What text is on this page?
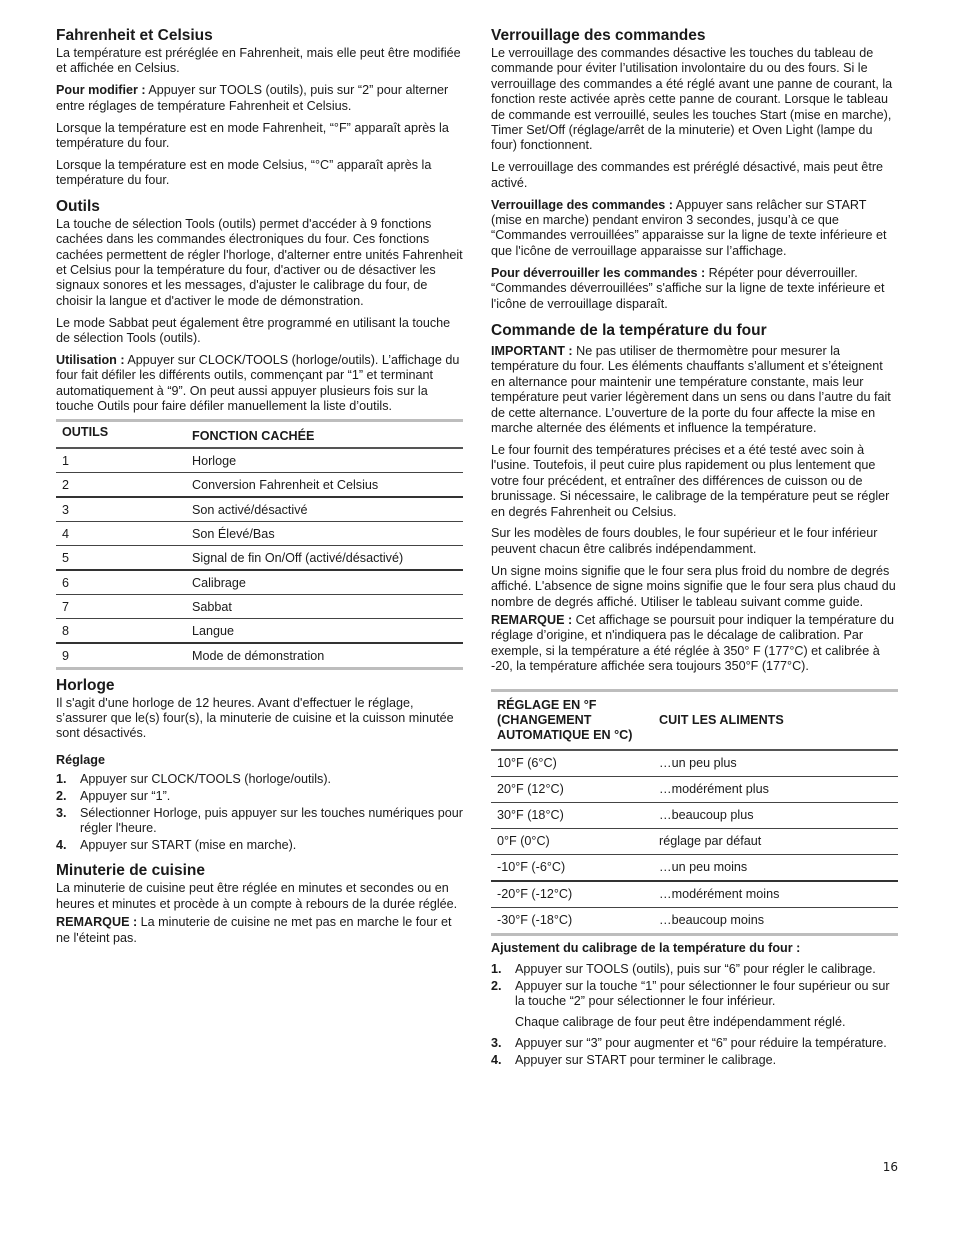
Fahrenheit et Celsius

La température est préréglée en Fahrenheit, mais elle peut être modifiée et affichée en Celsius.

Pour modifier : Appuyer sur TOOLS (outils), puis sur “2” pour alterner entre réglages de température Fahrenheit et Celsius.

Lorsque la température est en mode Fahrenheit, “°F” apparaît après la température du four.

Lorsque la température est en mode Celsius, “°C” apparaît après la température du four.

Outils

La touche de sélection Tools (outils) permet d'accéder à 9 fonctions cachées dans les commandes électroniques du four. Ces fonctions cachées permettent de régler l'horloge, d'alterner entre unités Fahrenheit et Celsius pour la température du four, d'activer ou de désactiver les signaux sonores et les messages, d'ajuster le calibrage du four, de choisir la langue et d'activer le mode de démonstration.

Le mode Sabbat peut également être programmé en utilisant la touche de sélection Tools (outils).

Utilisation : Appuyer sur CLOCK/TOOLS (horloge/outils). L’affichage du four fait défiler les différents outils, commençant par “1” et terminant automatiquement à “9”. On peut aussi appuyer plusieurs fois sur la touche Outils pour faire défiler manuellement la liste d’outils.

OUTILS	FONCTION CACHÉE
1	Horloge
2	Conversion Fahrenheit et Celsius
3	Son activé/désactivé
4	Son Élevé/Bas
5	Signal de fin On/Off (activé/désactivé)
6	Calibrage
7	Sabbat
8	Langue
9	Mode de démonstration
Horloge

Il s'agit d'une horloge de 12 heures. Avant d'effectuer le réglage, s’assurer que le(s) four(s), la minuterie de cuisine et la cuisson minutée sont désactivés.

Réglage
1. Appuyer sur CLOCK/TOOLS (horloge/outils).
2. Appuyer sur “1”.
3. Sélectionner Horloge, puis appuyer sur les touches numériques pour régler l'heure.
4. Appuyer sur START (mise en marche).
Minuterie de cuisine

La minuterie de cuisine peut être réglée en minutes et secondes ou en heures et minutes et procède à un compte à rebours de la durée réglée.

REMARQUE : La minuterie de cuisine ne met pas en marche le four et ne l'éteint pas.

Verrouillage des commandes

Le verrouillage des commandes désactive les touches du tableau de commande pour éviter l’utilisation involontaire du ou des fours. Si le verrouillage des commandes a été réglé avant une panne de courant, la fonction reste activée après cette panne de courant. Lorsque le tableau de commande est verrouillé, seules les touches Start (mise en marche), Timer Set/Off (réglage/arrêt de la minuterie) et Oven Light (lampe du four) fonctionnent.

Le verrouillage des commandes est préréglé désactivé, mais peut être activé.

Verrouillage des commandes : Appuyer sans relâcher sur START (mise en marche) pendant environ 3 secondes, jusqu’à ce que “Commandes verrouillées” apparaisse sur la ligne de texte inférieure et que l'icône de verrouillage apparaisse sur l’affichage.

Pour déverrouiller les commandes : Répéter pour déverrouiller. “Commandes déverrouillées” s'affiche sur la ligne de texte inférieure et l'icône de verrouillage disparaît.

Commande de la température du four

IMPORTANT : Ne pas utiliser de thermomètre pour mesurer la température du four. Les éléments chauffants s’allument et s’éteignent en alternance pour maintenir une température constante, mais leur température peut varier légèrement dans un sens ou dans l’autre du fait de cette alternance. L’ouverture de la porte du four affecte la mise en marche alternée des éléments et influence la température.

Le four fournit des températures précises et a été testé avec soin à l'usine. Toutefois, il peut cuire plus rapidement ou plus lentement que votre four précédent, et entraîner des différences de cuisson ou de brunissage. Si nécessaire, le calibrage de la température peut se régler en degrés Fahrenheit ou Celsius.

Sur les modèles de fours doubles, le four supérieur et le four inférieur peuvent chacun être calibrés indépendamment.

Un signe moins signifie que le four sera plus froid du nombre de degrés affiché. L'absence de signe moins signifie que le four sera plus chaud du nombre de degrés affiché. Utiliser le tableau suivant comme guide.

REMARQUE : Cet affichage se poursuit pour indiquer la température du réglage d’origine, et n'indiquera pas le décalage de calibration. Par exemple, si la température a été réglée à 350° F (177°C) et calibrée à -20, la température affichée sera toujours 350°F (177°C).

RÉGLAGE EN °F (CHANGEMENT AUTOMATIQUE EN °C)	CUIT LES ALIMENTS
10°F (6°C)	…un peu plus
20°F (12°C)	…modérément plus
30°F (18°C)	…beaucoup plus
0°F (0°C)	réglage par défaut
-10°F (-6°C)	…un peu moins
-20°F (-12°C)	…modérément moins
-30°F (-18°C)	…beaucoup moins
Ajustement du calibrage de la température du four :
1. Appuyer sur TOOLS (outils), puis sur “6” pour régler le calibrage.
2. Appuyer sur la touche “1” pour sélectionner le four supérieur ou sur la touche “2” pour sélectionner le four inférieur.
Chaque calibrage de four peut être indépendamment réglé.
3. Appuyer sur “3” pour augmenter et “6” pour réduire la température.
4. Appuyer sur START pour terminer le calibrage.
16
